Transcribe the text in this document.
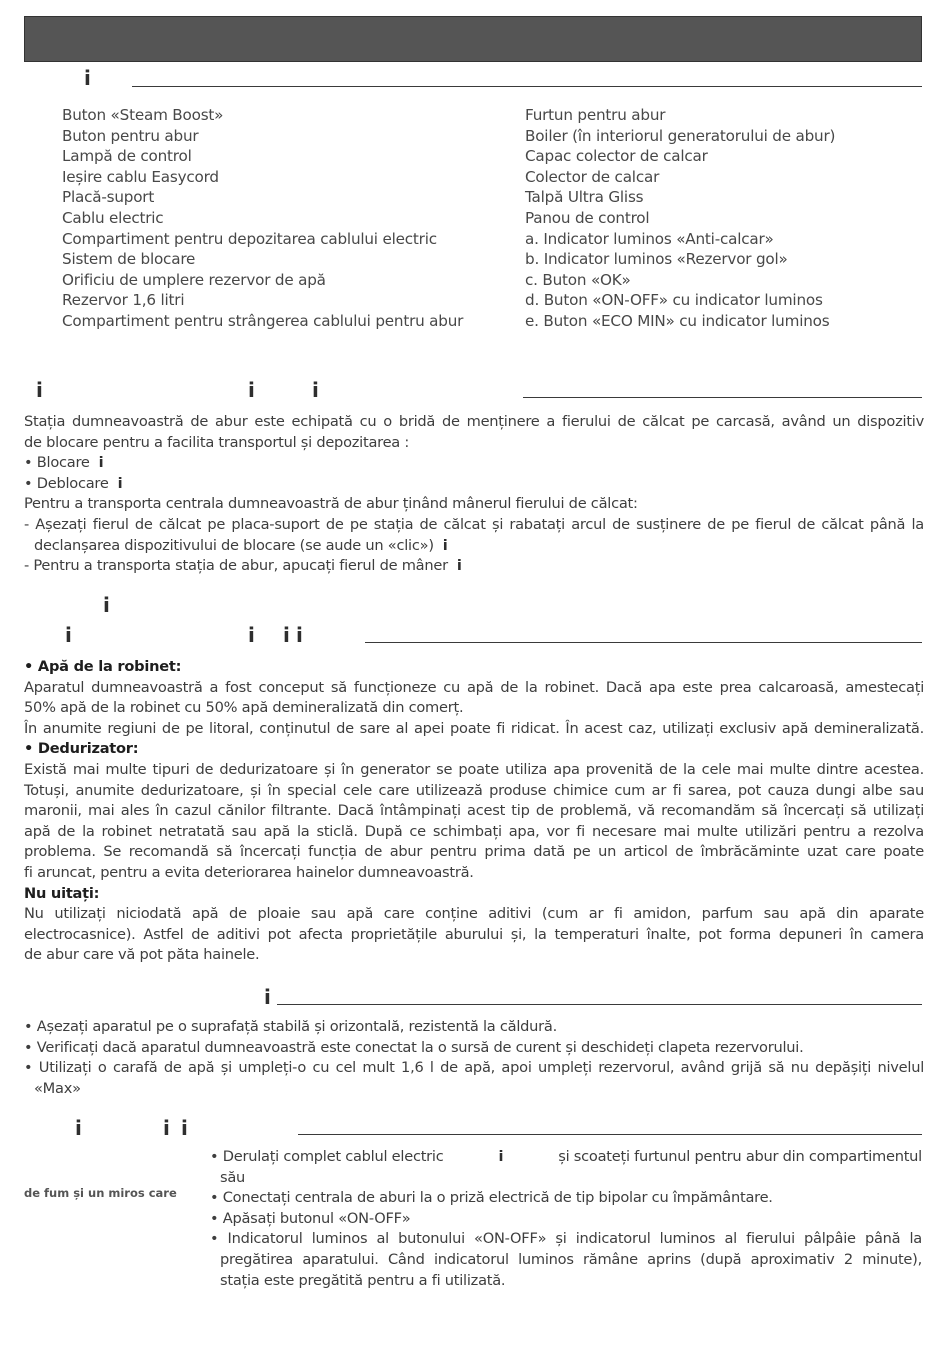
i
Buton «Steam Boost»
Buton pentru abur
Lampă de control
Ieșire cablu Easycord
Placă-suport
Cablu electric
Compartiment pentru depozitarea cablului electric
Sistem de blocare
Orificiu de umplere rezervor de apă
Rezervor 1,6 litri
Compartiment pentru strângerea cablului pentru abur
Furtun pentru abur
Boiler (în interiorul generatorului de abur)
Capac colector de calcar
Colector de calcar
Talpă Ultra Gliss
Panou de control
a. Indicator luminos «Anti-calcar»
b. Indicator luminos «Rezervor gol»
c. Buton «OK»
d. Buton «ON-OFF» cu indicator luminos
e. Buton «ECO MIN» cu indicator luminos
i	i	i
Stația dumneavoastră de abur este echipată cu o bridă de menținere a fierului de călcat pe carcasă, având un dispozitiv
de blocare pentru a facilita transportul și depozitarea :
• Blocare i
• Deblocare i
Pentru a transporta centrala dumneavoastră de abur ținând mânerul fierului de călcat:
- Așezați fierul de călcat pe placa-suport de pe stația de călcat și rabatați arcul de susținere de pe fierul de călcat până la
declanșarea dispozitivului de blocare (se aude un «clic») i
- Pentru a transporta stația de abur, apucați fierul de mâner i
i
i	i i i
• Apă de la robinet:
Aparatul dumneavoastră a fost conceput să funcționeze cu apă de la robinet. Dacă apa este prea calcaroasă, amestecați
50% apă de la robinet cu 50% apă demineralizată din comerț.
În anumite regiuni de pe litoral, conținutul de sare al apei poate fi ridicat. În acest caz, utilizați exclusiv apă demineralizată.
• Dedurizator:
Există mai multe tipuri de dedurizatoare și în generator se poate utiliza apa provenită de la cele mai multe dintre acestea.
Totuși, anumite dedurizatoare, și în special cele care utilizează produse chimice cum ar fi sarea, pot cauza dungi albe sau
maronii, mai ales în cazul cănilor filtrante. Dacă întâmpinați acest tip de problemă, vă recomandăm să încercați să utilizați
apă de la robinet netratată sau apă la sticlă. După ce schimbați apa, vor fi necesare mai multe utilizări pentru a rezolva
problema. Se recomandă să încercați funcția de abur pentru prima dată pe un articol de îmbrăcăminte uzat care poate
fi aruncat, pentru a evita deteriorarea hainelor dumneavoastră.
Nu uitați:
Nu utilizați niciodată apă de ploaie sau apă care conține aditivi (cum ar fi amidon, parfum sau apă din aparate
electrocasnice). Astfel de aditivi pot afecta proprietățile aburului și, la temperaturi înalte, pot forma depuneri în camera
de abur care vă pot păta hainele.
i
• Așezați aparatul pe o suprafață stabilă și orizontală, rezistentă la căldură.
• Verificați dacă aparatul dumneavoastră este conectat la o sursă de curent și deschideți clapeta rezervorului.
• Utilizați o carafă de apă și umpleți-o cu cel mult 1,6 l de apă, apoi umpleți rezervorul, având grijă să nu depășiți nivelul
«Max»
i	i i
de fum și un miros care
• Derulați complet cablul electric	i	și scoateți furtunul pentru abur din compartimentul
său
• Conectați centrala de aburi la o priză electrică de tip bipolar cu împământare.
• Apăsați butonul «ON-OFF»
• Indicatorul luminos al butonului «ON-OFF» și indicatorul luminos al fierului pâlpâie până la
pregătirea aparatului. Când indicatorul luminos rămâne aprins (după aproximativ 2 minute),
stația este pregătită pentru a fi utilizată.
